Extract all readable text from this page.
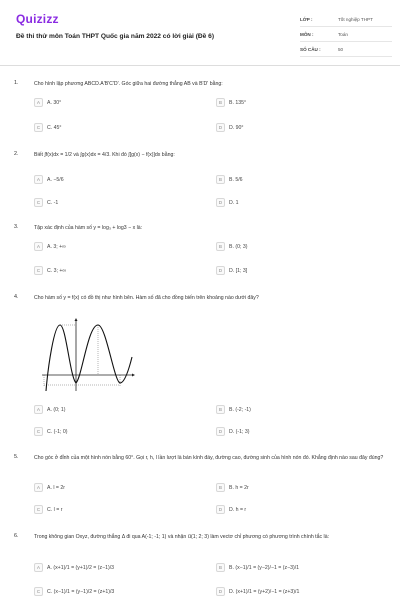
Quizizz
Đề thi thử môn Toán THPT Quốc gia năm 2022 có lời giải (Đề 6)
LỚP :	Tốt nghiệp THPT
MÔN :	Toán
SỐ CÂU :	50
1.	Cho hình lập phương ABCD.A'B'C'D'. Góc giữa hai đường thẳng AB và B'D' bằng:
A	A. 30°	B	B. 135°
C	C. 45°	D	D. 90°
2.	Biết ∫f(x)dx = 1/2 và ∫g(x)dx = 4/3. Khi đó ∫[g(x) − f(x)]dx bằng:
A	A. −5/6	B	B. 5/6
C	C. -1	D	D. 1
3.	Tập xác định của hàm số y = log₃ + log3 − x là:
A	A. 3; +∞	B	B. (0; 3)
C	C. 3; +∞	D	D. [1; 3]
4.	Cho hàm số y = f(x) có đồ thị như hình bên. Hàm số đã cho đồng biến trên khoảng nào dưới đây?
A	A. (0; 1)	B	B. (-2; -1)
C	C. (-1; 0)	D	D. (-1; 3)
5.	Cho góc ở đỉnh của một hình nón bằng 60°. Gọi r, h, l lần lượt là bán kính đáy, đường cao, đường sinh của hình nón đó. Khẳng định nào sau đây đúng?
A	A. l = 2r	B	B. h = 2r
C	C. l = r	D	D. h = r
6.	Trong không gian Oxyz, đường thẳng Δ đi qua A(-1; -1; 1) và nhận u⃗(1; 2; 3) làm vectơ chỉ phương có phương trình chính tắc là:
A	A. (x+1)/1 = (y+1)/2 = (z−1)/3	B	B. (x−1)/1 = (y−2)/−1 = (z−3)/1
C	C. (x−1)/1 = (y−1)/2 = (z+1)/3	D	D. (x+1)/1 = (y+2)/−1 = (z+3)/1
